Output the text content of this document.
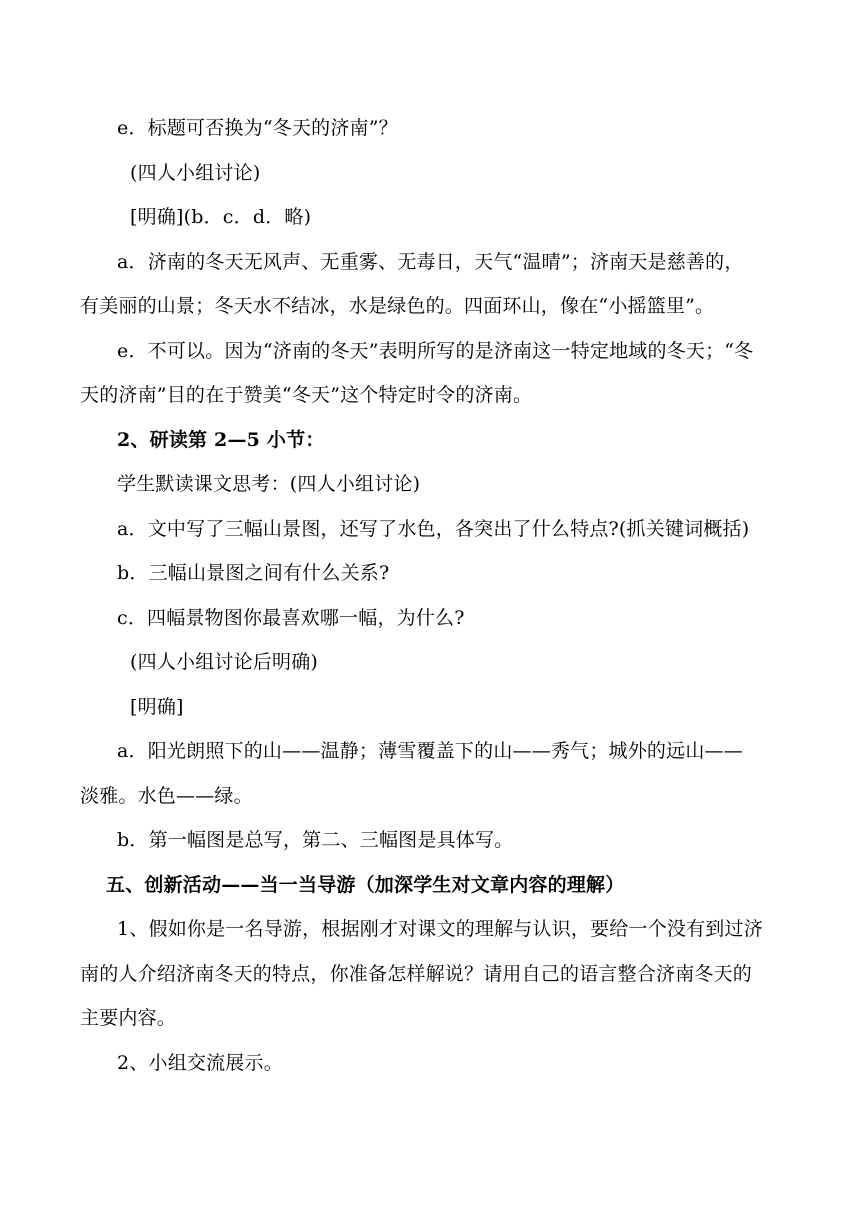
e．标题可否换为“冬天的济南”？
(四人小组讨论)
[明确](b．c．d．略)
a．济南的冬天无风声、无重雾、无毒日，天气“温晴”；济南天是慈善的，
有美丽的山景；冬天水不结冰，水是绿色的。四面环山，像在“小摇篮里”。
e．不可以。因为“济南的冬天”表明所写的是济南这一特定地域的冬天；“冬
天的济南”目的在于赞美“冬天”这个特定时令的济南。
2、研读第 2—5 小节：
学生默读课文思考：(四人小组讨论)
a．文中写了三幅山景图，还写了水色，各突出了什么特点?(抓关键词概括)
b．三幅山景图之间有什么关系?
c．四幅景物图你最喜欢哪一幅，为什么?
(四人小组讨论后明确)
[明确]
a．阳光朗照下的山——温静；薄雪覆盖下的山——秀气；城外的远山——
淡雅。水色——绿。
b．第一幅图是总写，第二、三幅图是具体写。
五、创新活动——当一当导游（加深学生对文章内容的理解）
1、假如你是一名导游，根据刚才对课文的理解与认识，要给一个没有到过济
南的人介绍济南冬天的特点，你准备怎样解说？请用自己的语言整合济南冬天的
主要内容。
2、小组交流展示。
